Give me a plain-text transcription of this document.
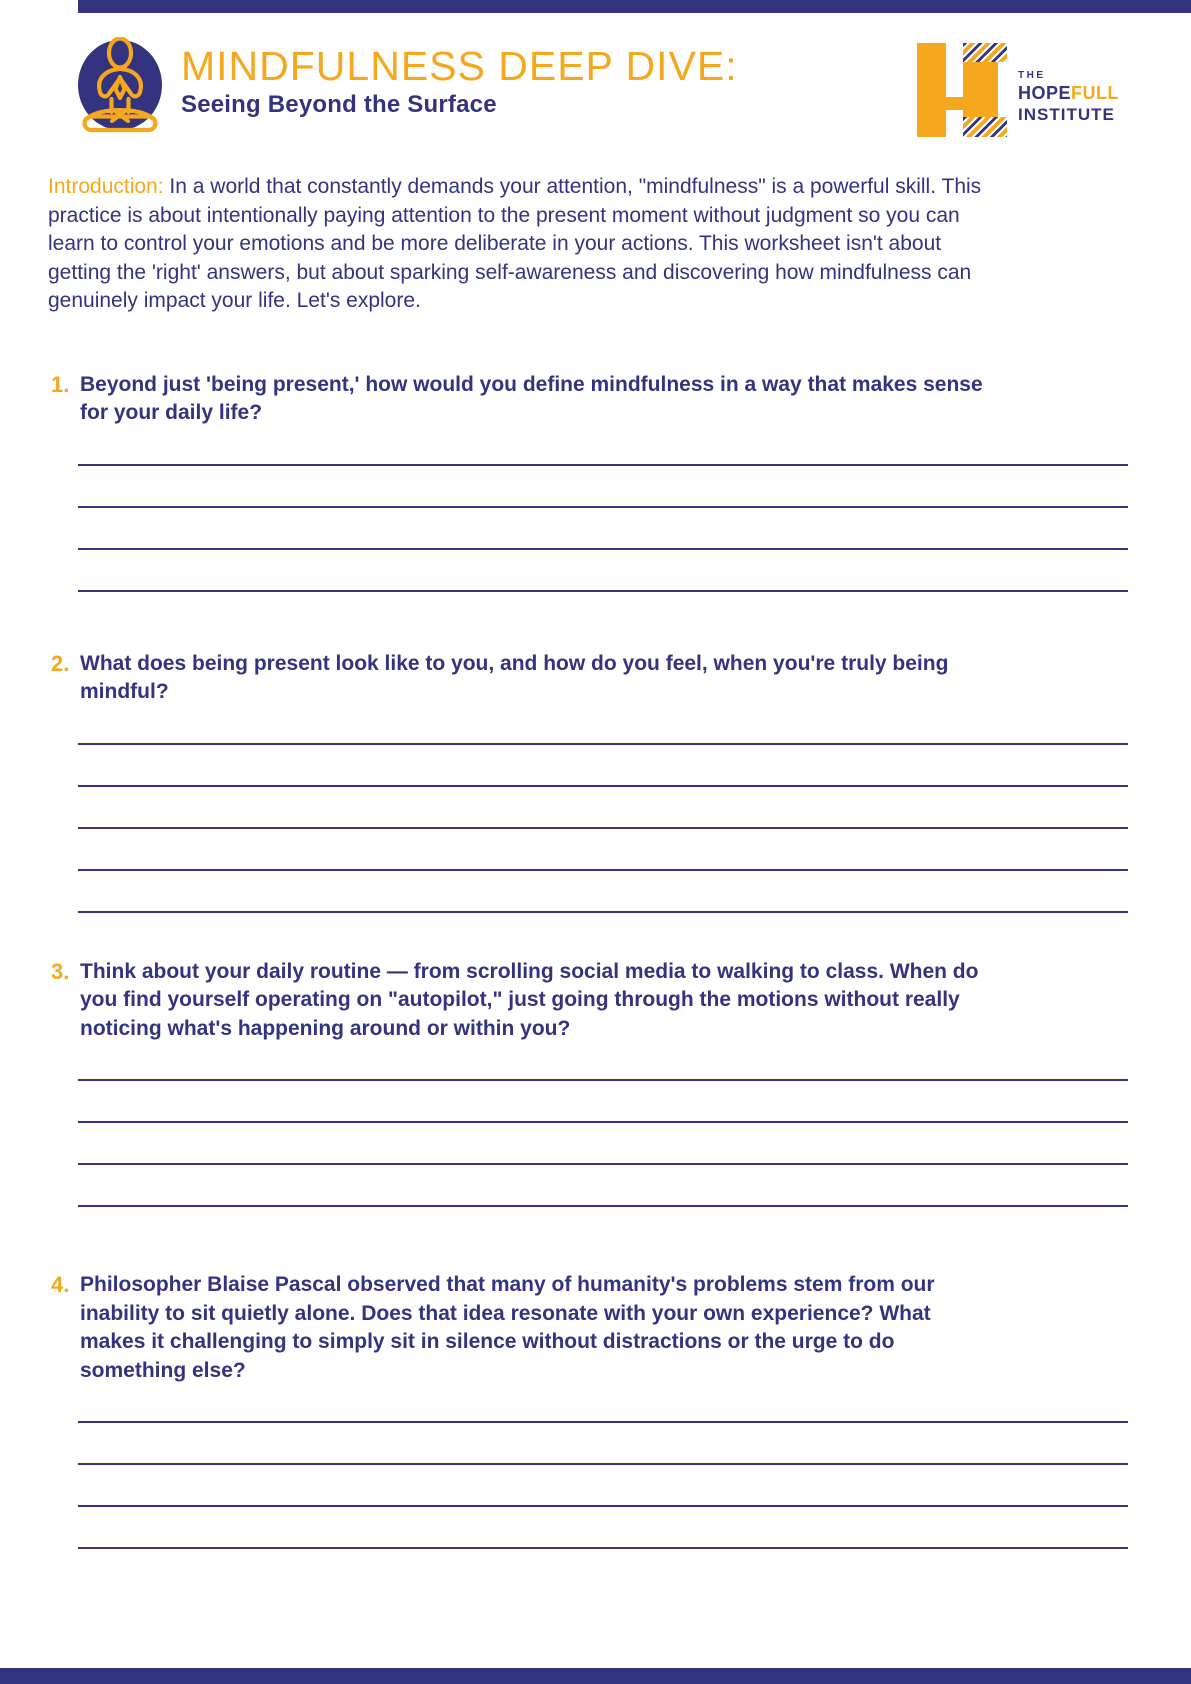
MINDFULNESS DEEP DIVE:
Seeing Beyond the Surface
THE
HOPEFULL
INSTITUTE

Introduction: In a world that constantly demands your attention, "mindfulness" is a powerful skill. This practice is about intentionally paying attention to the present moment without judgment so you can learn to control your emotions and be more deliberate in your actions. This worksheet isn't about getting the 'right' answers, but about sparking self-awareness and discovering how mindfulness can genuinely impact your life. Let's explore.

1. Beyond just 'being present,' how would you define mindfulness in a way that makes sense for your daily life?
2. What does being present look like to you, and how do you feel, when you're truly being mindful?
3. Think about your daily routine — from scrolling social media to walking to class. When do you find yourself operating on "autopilot," just going through the motions without really noticing what's happening around or within you?
4. Philosopher Blaise Pascal observed that many of humanity's problems stem from our inability to sit quietly alone. Does that idea resonate with your own experience? What makes it challenging to simply sit in silence without distractions or the urge to do something else?
